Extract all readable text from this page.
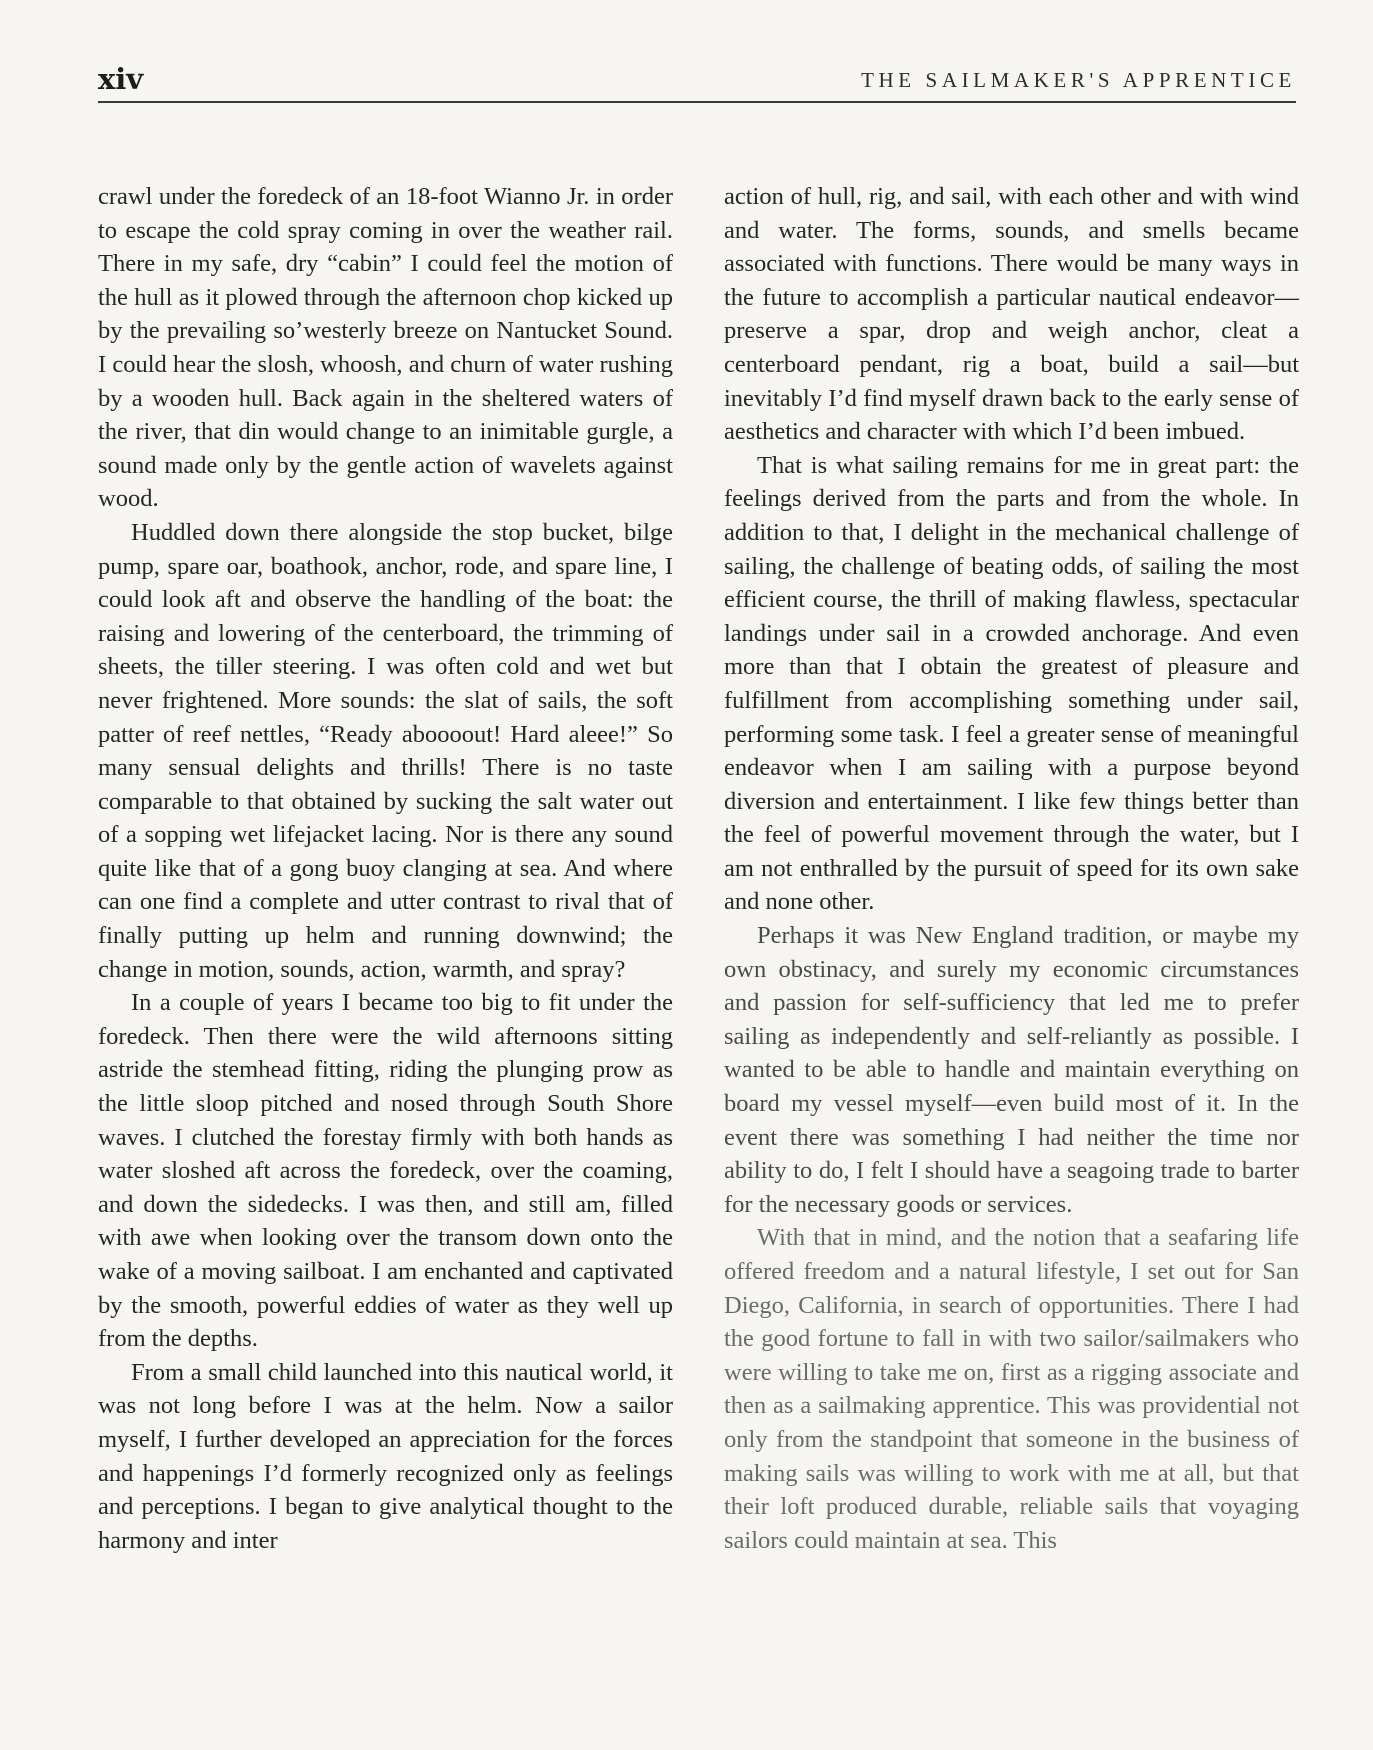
xiv	THE SAILMAKER'S APPRENTICE

crawl under the foredeck of an 18-foot Wianno Jr. in order to escape the cold spray coming in over the weather rail. There in my safe, dry “cabin” I could feel the motion of the hull as it plowed through the afternoon chop kicked up by the prevailing so’westerly breeze on Nantucket Sound. I could hear the slosh, whoosh, and churn of water rushing by a wooden hull. Back again in the sheltered waters of the river, that din would change to an inimitable gurgle, a sound made only by the gentle action of wavelets against wood.

Huddled down there alongside the stop bucket, bilge pump, spare oar, boathook, anchor, rode, and spare line, I could look aft and observe the handling of the boat: the raising and lowering of the centerboard, the trimming of sheets, the tiller steering. I was often cold and wet but never frightened. More sounds: the slat of sails, the soft patter of reef nettles, “Ready aboooout! Hard aleee!” So many sensual delights and thrills! There is no taste comparable to that obtained by sucking the salt water out of a sopping wet lifejacket lacing. Nor is there any sound quite like that of a gong buoy clanging at sea. And where can one find a complete and utter contrast to rival that of finally putting up helm and running downwind; the change in motion, sounds, action, warmth, and spray?

In a couple of years I became too big to fit under the foredeck. Then there were the wild afternoons sitting astride the stemhead fitting, riding the plunging prow as the little sloop pitched and nosed through South Shore waves. I clutched the forestay firmly with both hands as water sloshed aft across the foredeck, over the coaming, and down the sidedecks. I was then, and still am, filled with awe when looking over the transom down onto the wake of a moving sailboat. I am enchanted and captivated by the smooth, powerful eddies of water as they well up from the depths.

From a small child launched into this nautical world, it was not long before I was at the helm. Now a sailor myself, I further developed an appreciation for the forces and happenings I’d formerly recognized only as feelings and perceptions. I began to give analytical thought to the harmony and inter

action of hull, rig, and sail, with each other and with wind and water. The forms, sounds, and smells became associated with functions. There would be many ways in the future to accomplish a particular nautical endeavor—preserve a spar, drop and weigh anchor, cleat a centerboard pendant, rig a boat, build a sail—but inevitably I’d find myself drawn back to the early sense of aesthetics and character with which I’d been imbued.

That is what sailing remains for me in great part: the feelings derived from the parts and from the whole. In addition to that, I delight in the mechanical challenge of sailing, the challenge of beating odds, of sailing the most efficient course, the thrill of making flawless, spectacular landings under sail in a crowded anchorage. And even more than that I obtain the greatest of pleasure and fulfillment from accomplishing something under sail, performing some task. I feel a greater sense of meaningful endeavor when I am sailing with a purpose beyond diversion and entertainment. I like few things better than the feel of powerful movement through the water, but I am not enthralled by the pursuit of speed for its own sake and none other.

Perhaps it was New England tradition, or maybe my own obstinacy, and surely my economic circumstances and passion for self-sufficiency that led me to prefer sailing as independently and self-reliantly as possible. I wanted to be able to handle and maintain everything on board my vessel myself—even build most of it. In the event there was something I had neither the time nor ability to do, I felt I should have a seagoing trade to barter for the necessary goods or services.

With that in mind, and the notion that a seafaring life offered freedom and a natural lifestyle, I set out for San Diego, California, in search of opportunities. There I had the good fortune to fall in with two sailor/sailmakers who were willing to take me on, first as a rigging associate and then as a sailmaking apprentice. This was providential not only from the standpoint that someone in the business of making sails was willing to work with me at all, but that their loft produced durable, reliable sails that voyaging sailors could maintain at sea. This
